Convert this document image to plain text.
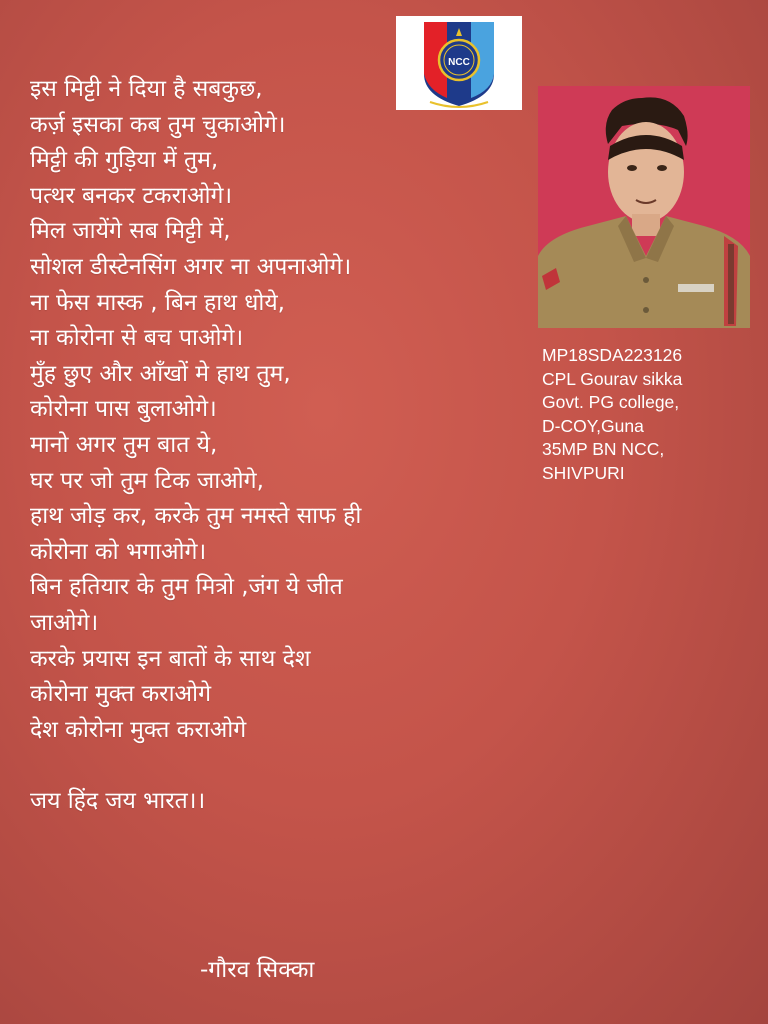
NCC
इस मिट्टी ने दिया है सबकुछ,
कर्ज़ इसका कब तुम चुकाओगे।
मिट्टी की गुड़िया में तुम,
पत्थर बनकर टकराओगे।
मिल जायेंगे सब मिट्टी में,
सोशल डीस्टेनसिंग अगर ना अपनाओगे।
ना फेस मास्क , बिन हाथ धोये,
ना कोरोना से बच पाओगे।
मुँह छुए और आँखों मे हाथ तुम,
कोरोना पास बुलाओगे।
मानो अगर तुम बात ये,
घर पर जो तुम टिक जाओगे,
हाथ जोड़ कर, करके तुम नमस्ते साफ ही
कोरोना को भगाओगे।
बिन हतियार के तुम मित्रो ,जंग ये जीत
जाओगे।
करके प्रयास इन बातों के साथ देश
कोरोना मुक्त कराओगे
देश कोरोना मुक्त कराओगे
जय हिंद जय भारत।।
-गौरव सिक्का
MP18SDA223126
CPL Gourav sikka
Govt. PG college,
D-COY,Guna
35MP BN NCC,
SHIVPURI
